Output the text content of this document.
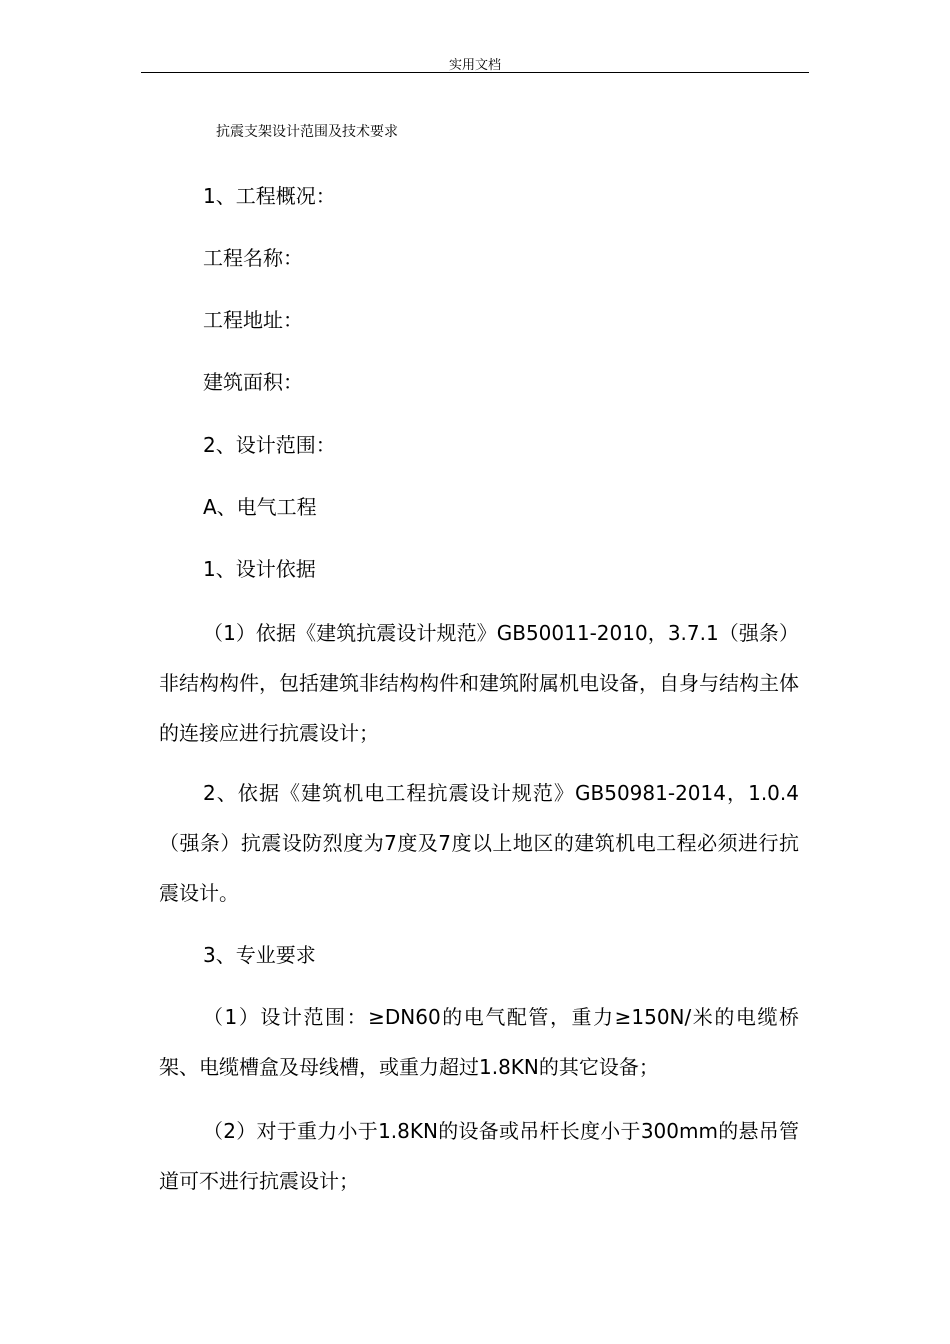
实用文档
抗震支架设计范围及技术要求
1、工程概况：
工程名称：
工程地址：
建筑面积：
2、设计范围：
A、电气工程
1、设计依据
（1）依据《建筑抗震设计规范》GB50011-2010，3.7.1（强条）非结构构件，包括建筑非结构构件和建筑附属机电设备，自身与结构主体的连接应进行抗震设计；
2、依据《建筑机电工程抗震设计规范》GB50981-2014，1.0.4（强条）抗震设防烈度为7度及7度以上地区的建筑机电工程必须进行抗震设计。
3、专业要求
（1）设计范围：≥DN60的电气配管，重力≥150N/米的电缆桥架、电缆槽盒及母线槽，或重力超过1.8KN的其它设备；
（2）对于重力小于1.8KN的设备或吊杆长度小于300mm的悬吊管道可不进行抗震设计；
